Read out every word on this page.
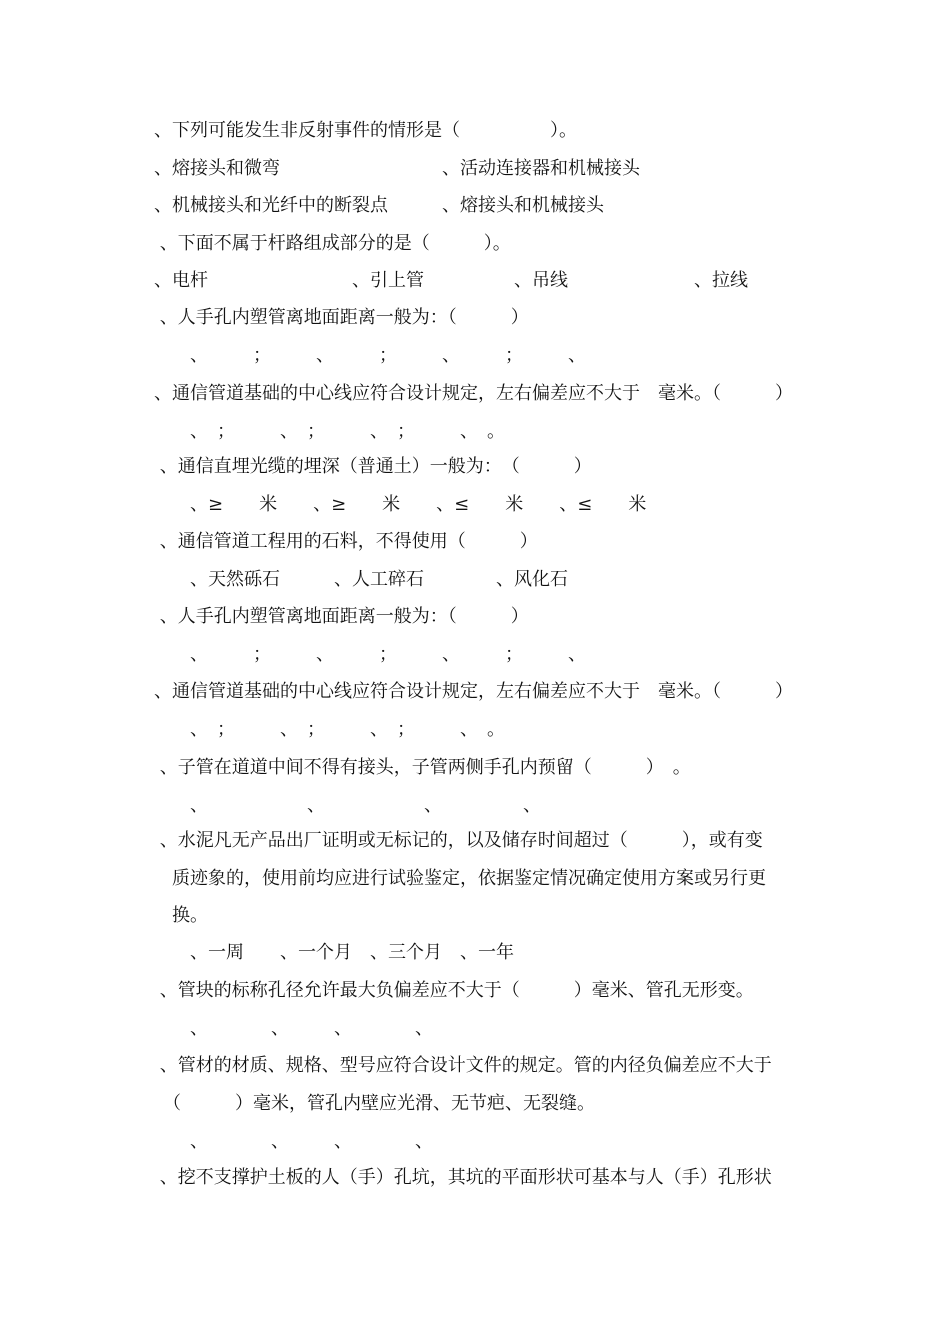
、下列可能发生非反射事件的情形是（　　　　　）。
、熔接头和微弯　　　　　　　　　、活动连接器和机械接头
、机械接头和光纤中的断裂点　　　、熔接头和机械接头
、下面不属于杆路组成部分的是（　　　）。
、电杆　　　　　　　　、引上管　　　　　、吊线　　　　　　　、拉线
、人手孔内塑管离地面距离一般为：（　　　）
　　、　　　；　　　、　　　；　　　、　　　；　　　、
、通信管道基础的中心线应符合设计规定，左右偏差应不大于　毫米。（　　　）
　　、　；　　　、　；　　　、　；　　　、　。
、通信直埋光缆的埋深（普通土）一般为：　（　　　）
　　、≥　　米　　、≥　　米　　、≤　　米　　、≤　　米
、通信管道工程用的石料，不得使用（　　　）
　　、天然砾石　　　、人工碎石　　　　、风化石
、人手孔内塑管离地面距离一般为：（　　　）
　　、　　　；　　　、　　　；　　　、　　　；　　　、
、通信管道基础的中心线应符合设计规定，左右偏差应不大于　毫米。（　　　）
　　、　；　　　、　；　　　、　；　　　、　。
、子管在道道中间不得有接头，子管两侧手孔内预留（　　　）　。
　　、　　　　　　、　　　　　　、　　　　　、
、水泥凡无产品出厂证明或无标记的，以及储存时间超过（　　　），或有变
　质迹象的，使用前均应进行试验鉴定，依据鉴定情况确定使用方案或另行更
　换。
　　、一周　　、一个月　、三个月　、一年
、管块的标称孔径允许最大负偏差应不大于（　　　）毫米、管孔无形变。
　　、　　　　、　　　、　　　　、
、管材的材质、规格、型号应符合设计文件的规定。管的内径负偏差应不大于
　（　　　）毫米，管孔内壁应光滑、无节疤、无裂缝。
　　、　　　　、　　　、　　　　、
、挖不支撑护土板的人（手）孔坑，其坑的平面形状可基本与人（手）孔形状
